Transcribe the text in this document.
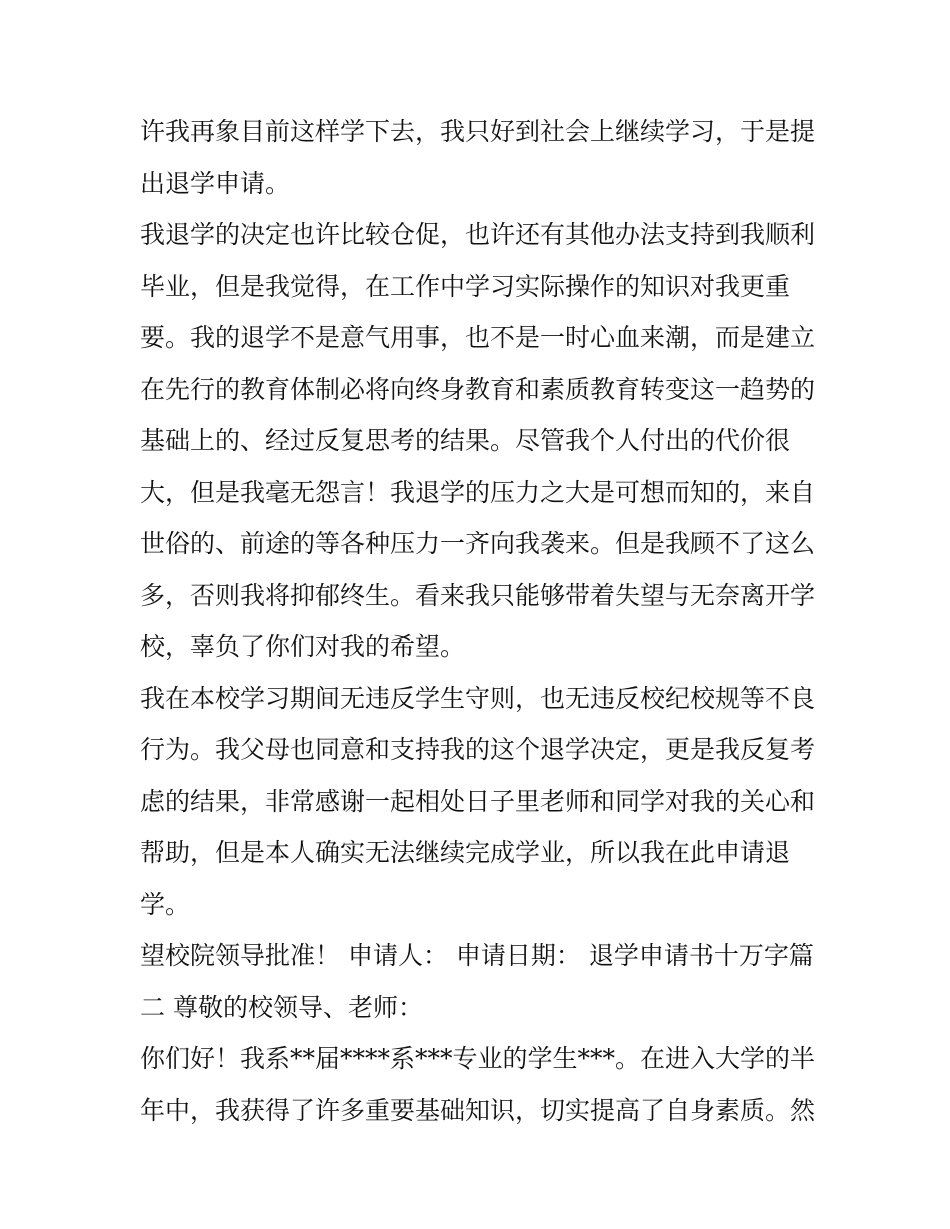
许我再象目前这样学下去，我只好到社会上继续学习，于是提
出退学申请。
我退学的决定也许比较仓促，也许还有其他办法支持到我顺利
毕业，但是我觉得，在工作中学习实际操作的知识对我更重
要。我的退学不是意气用事，也不是一时心血来潮，而是建立
在先行的教育体制必将向终身教育和素质教育转变这一趋势的
基础上的、经过反复思考的结果。尽管我个人付出的代价很
大，但是我毫无怨言！我退学的压力之大是可想而知的，来自
世俗的、前途的等各种压力一齐向我袭来。但是我顾不了这么
多，否则我将抑郁终生。看来我只能够带着失望与无奈离开学
校，辜负了你们对我的希望。
我在本校学习期间无违反学生守则，也无违反校纪校规等不良
行为。我父母也同意和支持我的这个退学决定，更是我反复考
虑的结果，非常感谢一起相处日子里老师和同学对我的关心和
帮助，但是本人确实无法继续完成学业，所以我在此申请退
学。
望校院领导批准！ 申请人： 申请日期： 退学申请书十万字篇
二 尊敬的校领导、老师：
你们好！我系**届****系***专业的学生***。在进入大学的半
年中，我获得了许多重要基础知识，切实提高了自身素质。然
